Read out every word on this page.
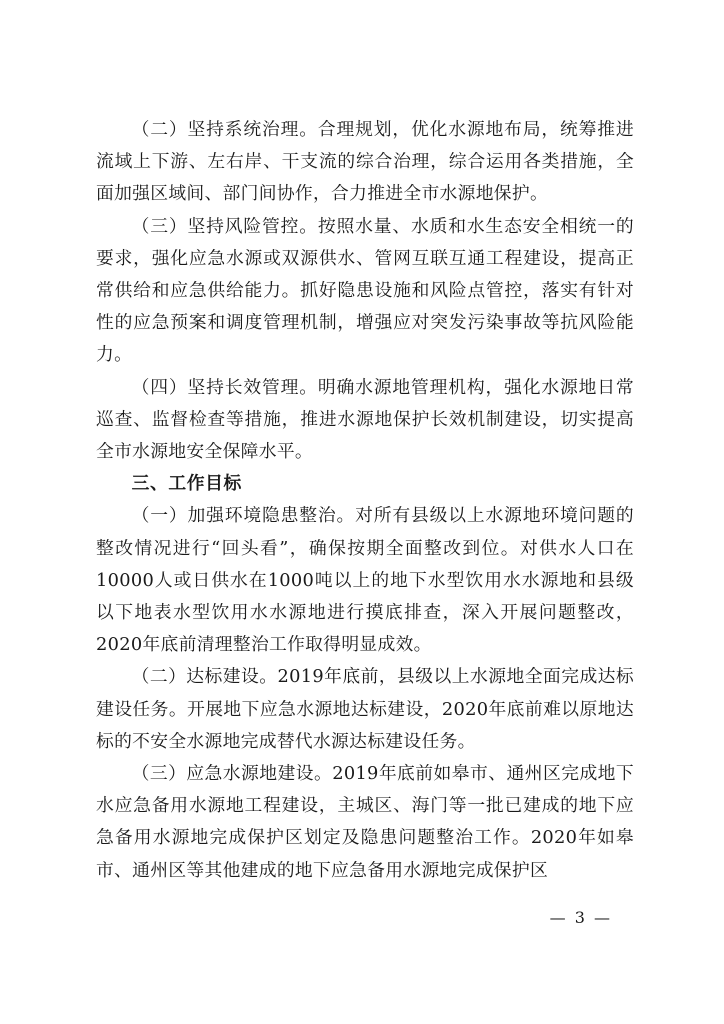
（二）坚持系统治理。合理规划，优化水源地布局，统筹推进流域上下游、左右岸、干支流的综合治理，综合运用各类措施，全面加强区域间、部门间协作，合力推进全市水源地保护。

（三）坚持风险管控。按照水量、水质和水生态安全相统一的要求，强化应急水源或双源供水、管网互联互通工程建设，提高正常供给和应急供给能力。抓好隐患设施和风险点管控，落实有针对性的应急预案和调度管理机制，增强应对突发污染事故等抗风险能力。

（四）坚持长效管理。明确水源地管理机构，强化水源地日常巡查、监督检查等措施，推进水源地保护长效机制建设，切实提高全市水源地安全保障水平。

三、工作目标

（一）加强环境隐患整治。对所有县级以上水源地环境问题的整改情况进行“回头看”，确保按期全面整改到位。对供水人口在10000人或日供水在1000吨以上的地下水型饮用水水源地和县级以下地表水型饮用水水源地进行摸底排查，深入开展问题整改，2020年底前清理整治工作取得明显成效。

（二）达标建设。2019年底前，县级以上水源地全面完成达标建设任务。开展地下应急水源地达标建设，2020年底前难以原地达标的不安全水源地完成替代水源达标建设任务。

（三）应急水源地建设。2019年底前如皋市、通州区完成地下水应急备用水源地工程建设，主城区、海门等一批已建成的地下应急备用水源地完成保护区划定及隐患问题整治工作。2020年如皋市、通州区等其他建成的地下应急备用水源地完成保护区

— 3 —
